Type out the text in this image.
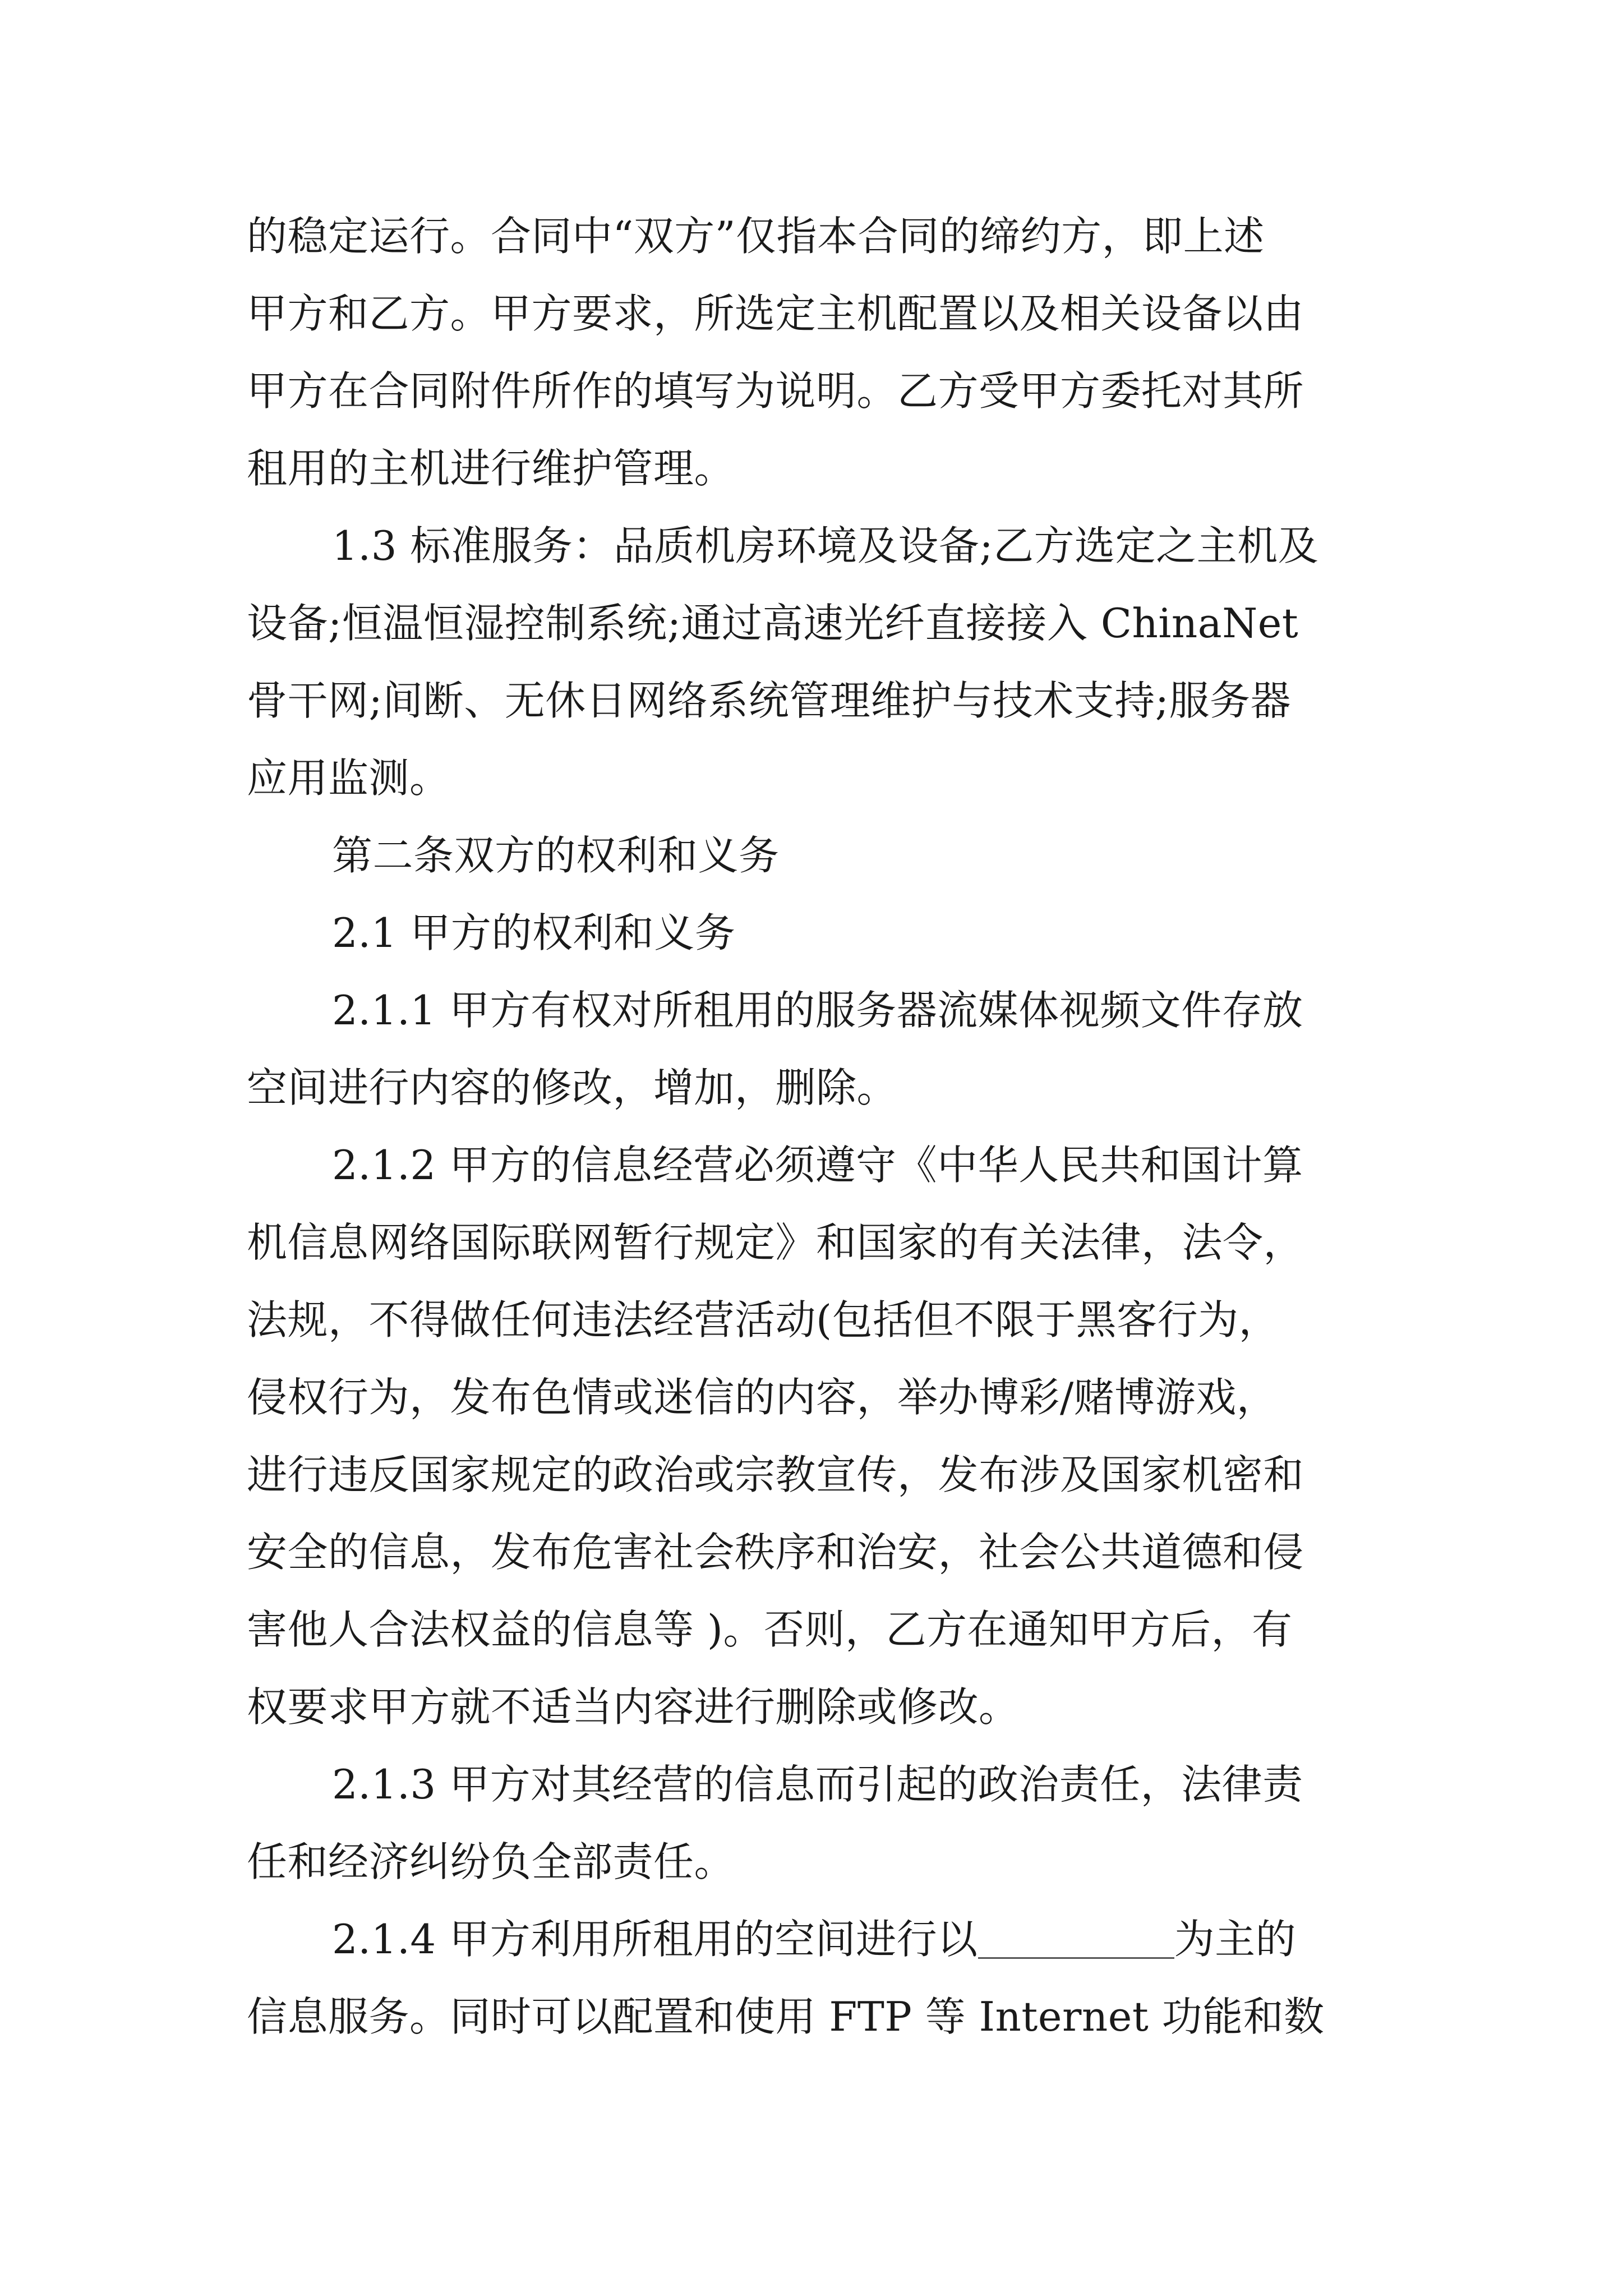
的稳定运行。合同中“双方”仅指本合同的缔约方，即上述
甲方和乙方。甲方要求，所选定主机配置以及相关设备以由
甲方在合同附件所作的填写为说明。乙方受甲方委托对其所
租用的主机进行维护管理。
1.3 标准服务：品质机房环境及设备;乙方选定之主机及
设备;恒温恒湿控制系统;通过高速光纤直接接入 ChinaNet
骨干网;间断、无休日网络系统管理维护与技术支持;服务器
应用监测。
第二条双方的权利和义务
2.1 甲方的权利和义务
2.1.1 甲方有权对所租用的服务器流媒体视频文件存放
空间进行内容的修改，增加，删除。
2.1.2 甲方的信息经营必须遵守《中华人民共和国计算
机信息网络国际联网暂行规定》和国家的有关法律，法令，
法规，不得做任何违法经营活动(包括但不限于黑客行为，
侵权行为，发布色情或迷信的内容，举办博彩/赌博游戏，
进行违反国家规定的政治或宗教宣传，发布涉及国家机密和
安全的信息，发布危害社会秩序和治安，社会公共道德和侵
害他人合法权益的信息等 )。否则，乙方在通知甲方后，有
权要求甲方就不适当内容进行删除或修改。
2.1.3 甲方对其经营的信息而引起的政治责任，法律责
任和经济纠纷负全部责任。
2.1.4 甲方利用所租用的空间进行以	为主的
信息服务。同时可以配置和使用 FTP 等 Internet 功能和数
